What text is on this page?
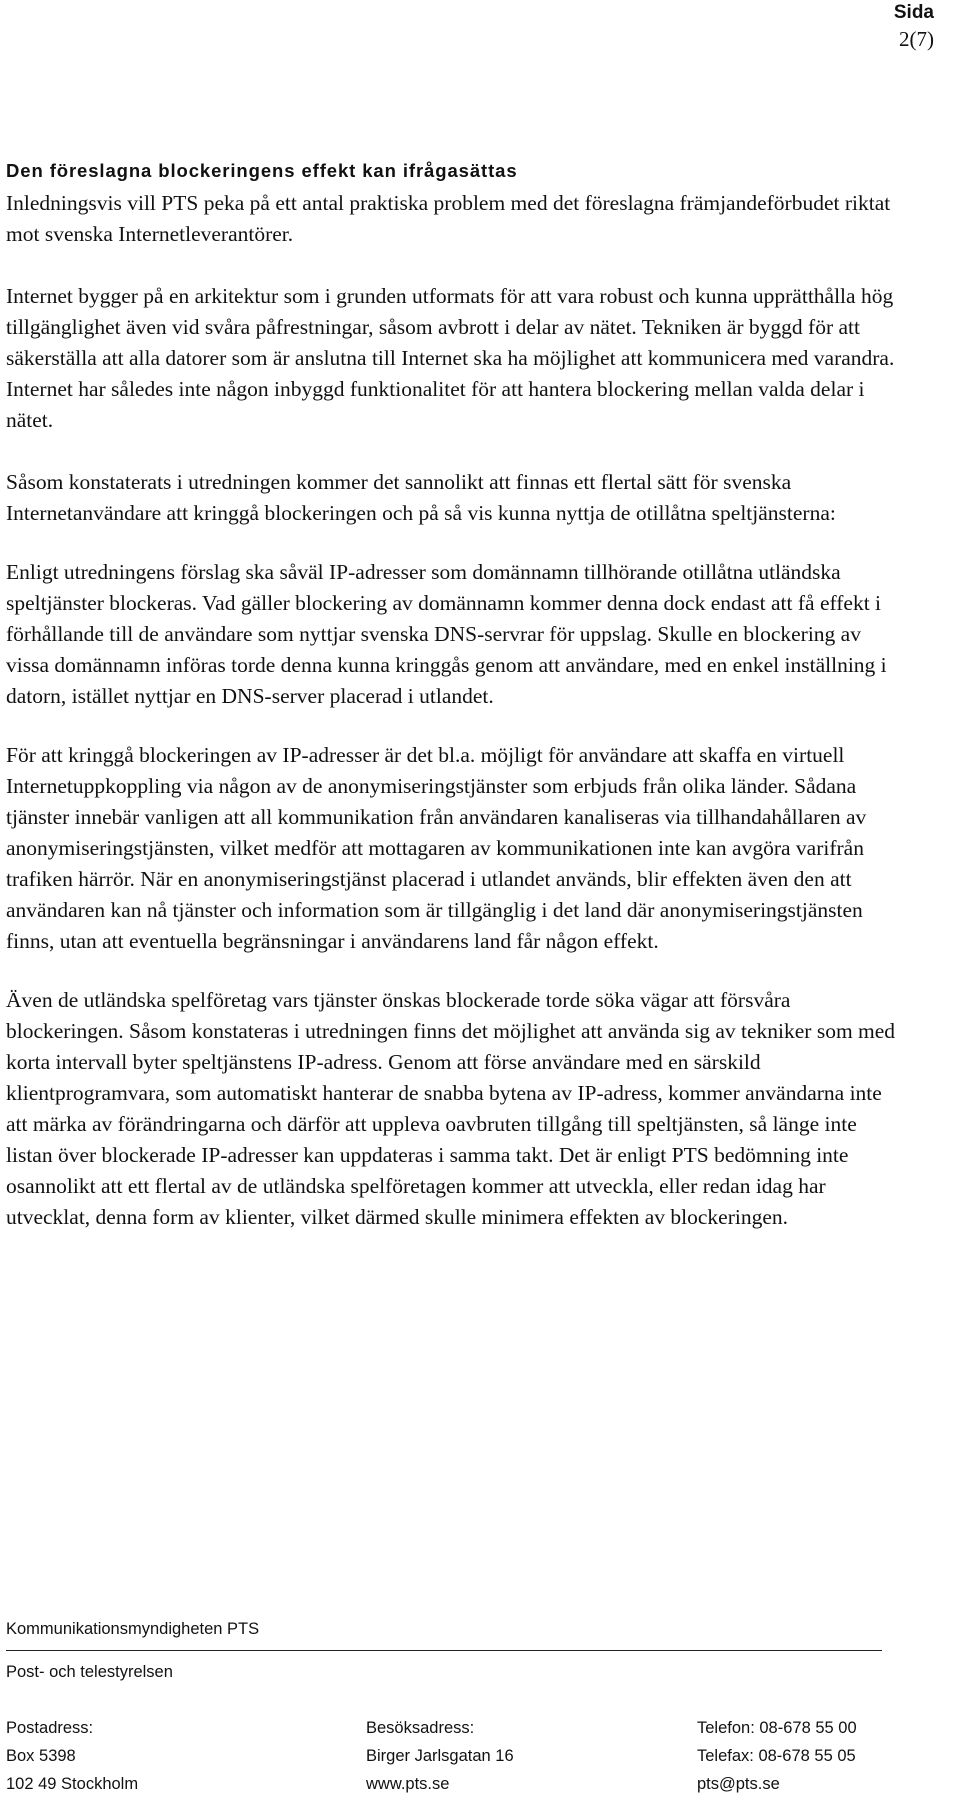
Sida
2(7)
Den föreslagna blockeringens effekt kan ifrågasättas

Inledningsvis vill PTS peka på ett antal praktiska problem med det föreslagna främjandeförbudet riktat mot svenska Internetleverantörer.

Internet bygger på en arkitektur som i grunden utformats för att vara robust och kunna upprätthålla hög tillgänglighet även vid svåra påfrestningar, såsom avbrott i delar av nätet. Tekniken är byggd för att säkerställa att alla datorer som är anslutna till Internet ska ha möjlighet att kommunicera med varandra. Internet har således inte någon inbyggd funktionalitet för att hantera blockering mellan valda delar i nätet.

Såsom konstaterats i utredningen kommer det sannolikt att finnas ett flertal sätt för svenska Internetanvändare att kringgå blockeringen och på så vis kunna nyttja de otillåtna speltjänsterna:

Enligt utredningens förslag ska såväl IP-adresser som domännamn tillhörande otillåtna utländska speltjänster blockeras. Vad gäller blockering av domännamn kommer denna dock endast att få effekt i förhållande till de användare som nyttjar svenska DNS-servrar för uppslag. Skulle en blockering av vissa domännamn införas torde denna kunna kringgås genom att användare, med en enkel inställning i datorn, istället nyttjar en DNS-server placerad i utlandet.

För att kringgå blockeringen av IP-adresser är det bl.a. möjligt för användare att skaffa en virtuell Internetuppkoppling via någon av de anonymiseringstjänster som erbjuds från olika länder. Sådana tjänster innebär vanligen att all kommunikation från användaren kanaliseras via tillhandahållaren av anonymiseringstjänsten, vilket medför att mottagaren av kommunikationen inte kan avgöra varifrån trafiken härrör. När en anonymiseringstjänst placerad i utlandet används, blir effekten även den att användaren kan nå tjänster och information som är tillgänglig i det land där anonymiseringstjänsten finns, utan att eventuella begränsningar i användarens land får någon effekt.

Även de utländska spelföretag vars tjänster önskas blockerade torde söka vägar att försvåra blockeringen. Såsom konstateras i utredningen finns det möjlighet att använda sig av tekniker som med korta intervall byter speltjänstens IP-adress. Genom att förse användare med en särskild klientprogramvara, som automatiskt hanterar de snabba bytena av IP-adress, kommer användarna inte att märka av förändringarna och därför att uppleva oavbruten tillgång till speltjänsten, så länge inte listan över blockerade IP-adresser kan uppdateras i samma takt. Det är enligt PTS bedömning inte osannolikt att ett flertal av de utländska spelföretagen kommer att utveckla, eller redan idag har utvecklat, denna form av klienter, vilket därmed skulle minimera effekten av blockeringen.

Kommunikationsmyndigheten PTS
Post- och telestyrelsen
Postadress:
Box 5398
102 49 Stockholm
Besöksadress:
Birger Jarlsgatan 16
www.pts.se
Telefon: 08-678 55 00
Telefax: 08-678 55 05
pts@pts.se
